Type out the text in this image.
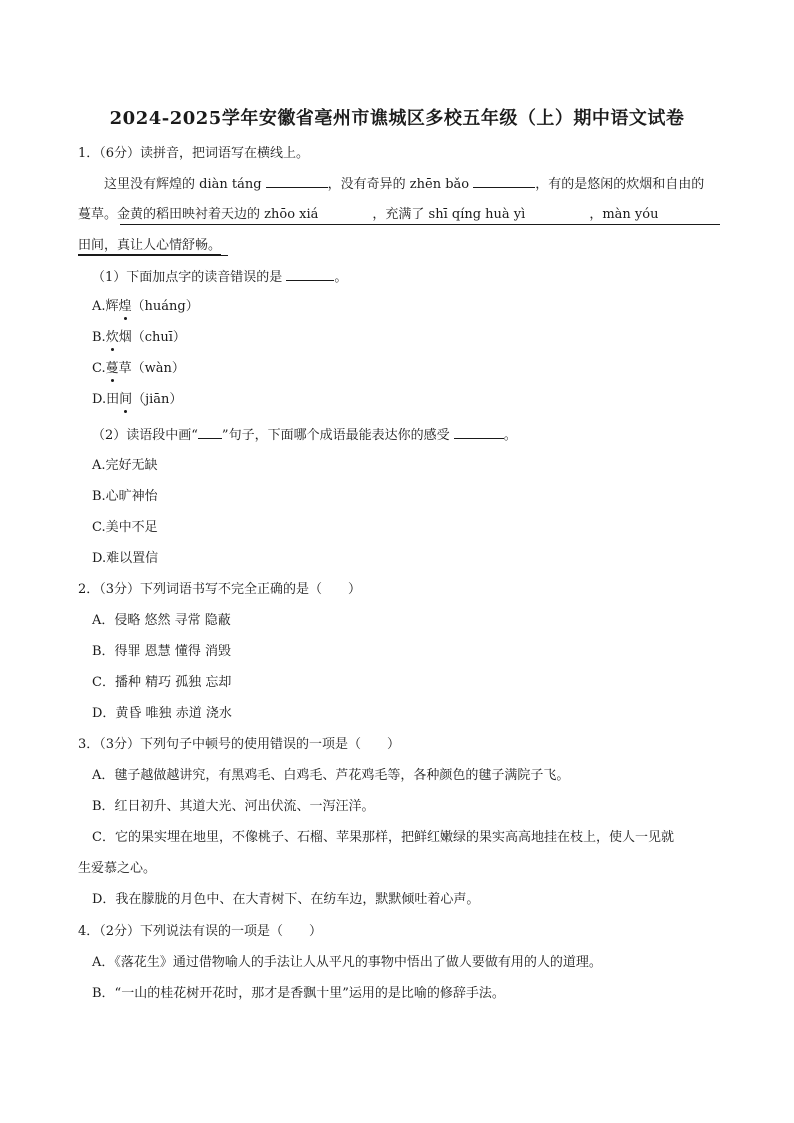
2024-2025学年安徽省亳州市谯城区多校五年级（上）期中语文试卷
1．（6分）读拼音，把词语写在横线上。
这里没有辉煌的 diàn táng	，没有奇异的 zhēn bǎo	，有的是悠闲的炊烟和自由的
蔓草。金黄的稻田映衬着天边的 zhōo xiá	，充满了 shī qíng huà yì	，màn yóu
田间，真让人心情舒畅。
（1）下面加点字的读音错误的是	。
A.辉煌（huáng）
B.炊烟（chuī）
C.蔓草（wàn）
D.田间（jiān）
（2）读语段中画“ ”句子，下面哪个成语最能表达你的感受	。
A.完好无缺
B.心旷神怡
C.美中不足
D.难以置信
2．（3分）下列词语书写不完全正确的是（　　）
A．侵略 悠然 寻常 隐蔽
B．得罪 恩慧 懂得 消毁
C．播种 精巧 孤独 忘却
D．黄昏 唯独 赤道 浇水
3．（3分）下列句子中顿号的使用错误的一项是（　　）
A．毽子越做越讲究，有黑鸡毛、白鸡毛、芦花鸡毛等，各种颜色的毽子满院子飞。
B．红日初升、其道大光、河出伏流、一泻汪洋。
C．它的果实埋在地里，不像桃子、石榴、苹果那样，把鲜红嫩绿的果实高高地挂在枝上，使人一见就
生爱慕之心。
D．我在朦胧的月色中、在大青树下、在纺车边，默默倾吐着心声。
4．（2分）下列说法有误的一项是（　　）
A．《落花生》通过借物喻人的手法让人从平凡的事物中悟出了做人要做有用的人的道理。
B．“一山的桂花树开花时，那才是香飘十里”运用的是比喻的修辞手法。
